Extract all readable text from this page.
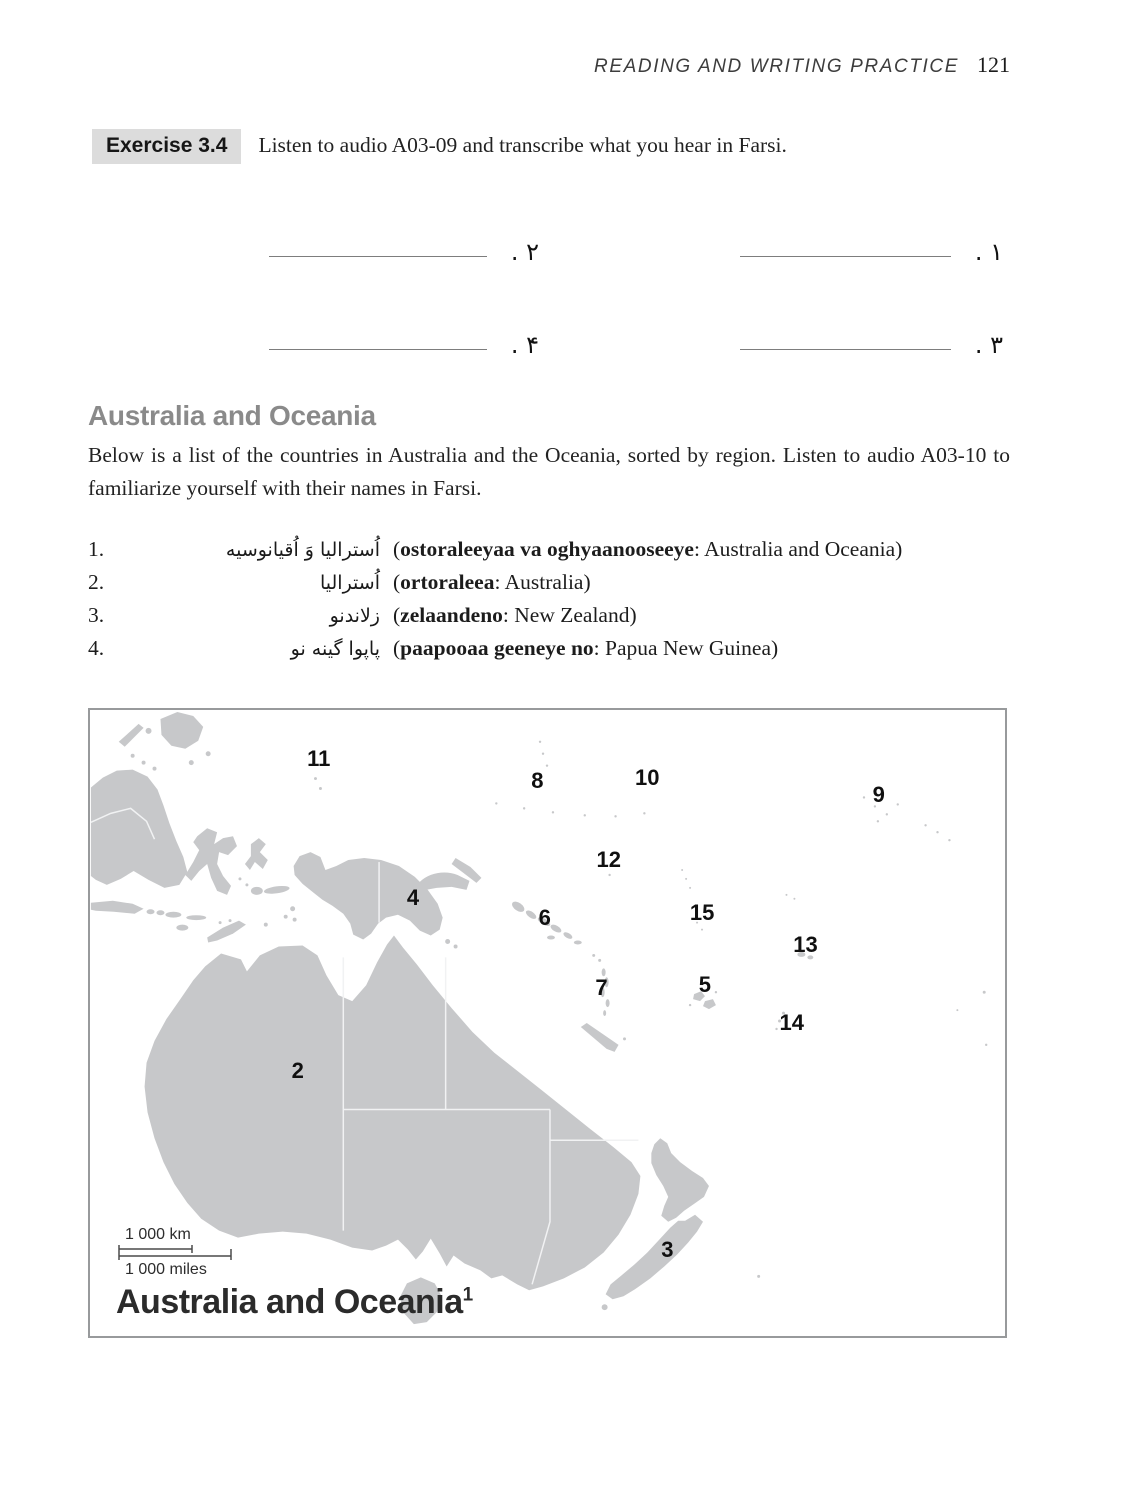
READING AND WRITING PRACTICE 121
Exercise 3.4	Listen to audio A03-09 and transcribe what you hear in Farsi.
. ۱
. ۲
. ۳
. ۴
Australia and Oceania
Below is a list of the countries in Australia and the Oceania, sorted by region. Listen to audio A03-10 to familiarize yourself with their names in Farsi.
1.	اُسترالیا وَ اُقیانوسیه (ostoraleeyaa va oghyaanooseeye: Australia and Oceania)
2.	اُسترالیا (ortoraleea: Australia)
3.	زلاندنو (zelaandeno: New Zealand)
4.	پاپوا گینه نو (paapooaa geeneye no: Papua New Guinea)
2
3
4
5
6
7
8
9
10
11
12
13
14
15
1 000 km
1 000 miles
Australia and Oceania$^1$
